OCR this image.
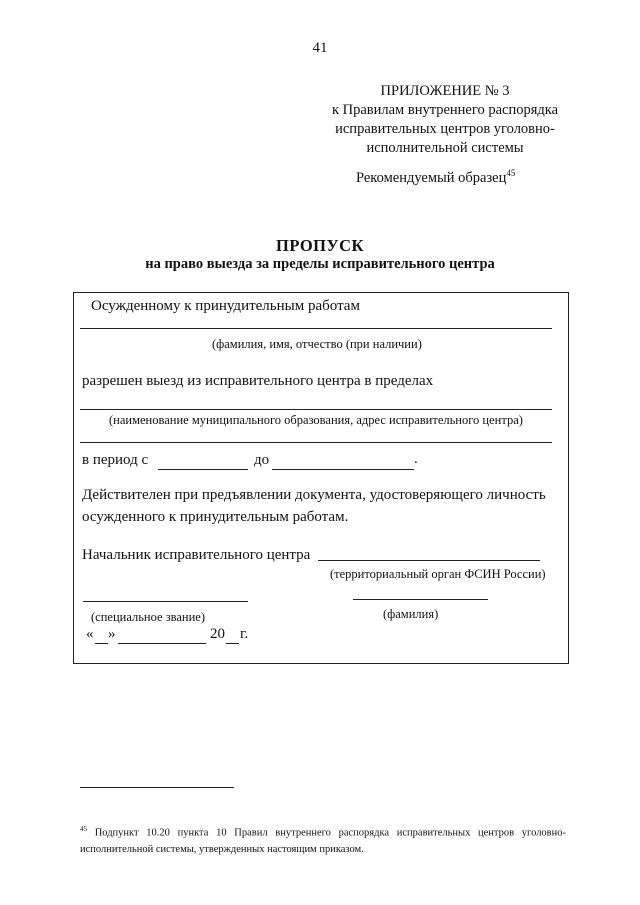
41
ПРИЛОЖЕНИЕ № 3
к Правилам внутреннего распорядка
исправительных центров уголовно-
исполнительной системы
Рекомендуемый образец$^{45}$
ПРОПУСК
на право выезда за пределы исправительного центра
Осужденному к принудительным работам
(фамилия, имя, отчество (при наличии)
разрешен выезд из исправительного центра в пределах
(наименование муниципального образования, адрес исправительного центра)
в период с	до	.
Действителен при предъявлении документа, удостоверяющего личность
осужденного к принудительным работам.
Начальник исправительного центра
(территориальный орган ФСИН России)
(специальное звание)	(фамилия)
« »	20 г.
$^{45}$ Подпункт 10.20 пункта 10 Правил внутреннего распорядка исправительных центров уголовно-исполнительной системы, утвержденных настоящим приказом.
